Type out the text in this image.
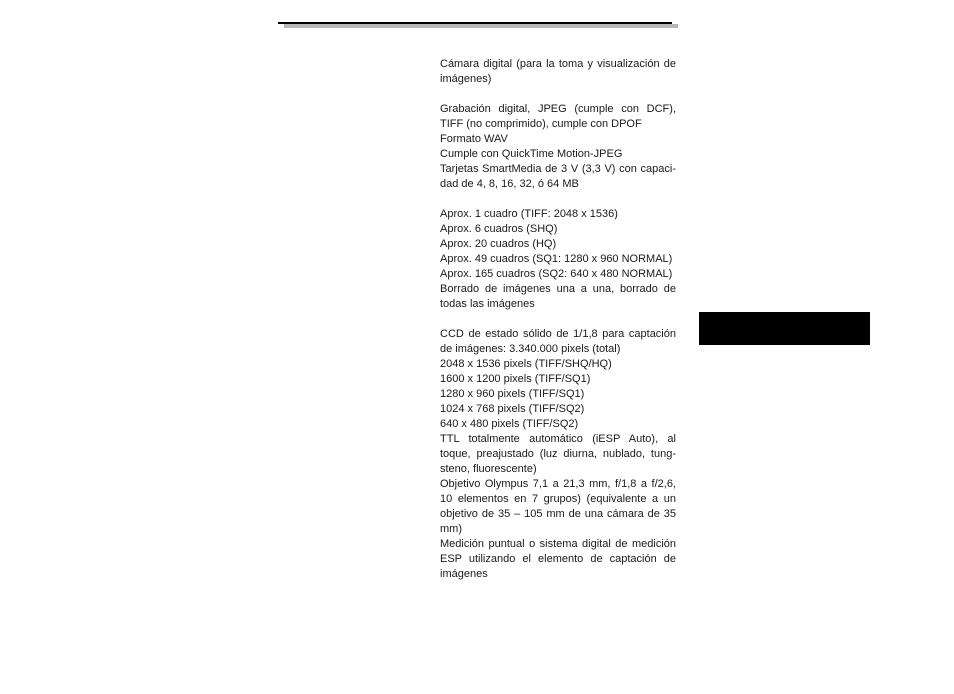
Cámara digital (para la toma y visualización de
imágenes)
Grabación digital, JPEG (cumple con DCF),
TIFF (no comprimido), cumple con DPOF
Formato WAV
Cumple con QuickTime Motion-JPEG
Tarjetas SmartMedia de 3 V (3,3 V) con capaci-
dad de 4, 8, 16, 32, ó 64 MB
Aprox. 1 cuadro (TIFF: 2048 x 1536)
Aprox. 6 cuadros (SHQ)
Aprox. 20 cuadros (HQ)
Aprox. 49 cuadros (SQ1: 1280 x 960 NORMAL)
Aprox. 165 cuadros (SQ2: 640 x 480 NORMAL)
Borrado de imágenes una a una, borrado de
todas las imágenes
CCD de estado sólido de 1/1,8 para captación
de imágenes: 3.340.000 pixels (total)
2048 x 1536 pixels (TIFF/SHQ/HQ)
1600 x 1200 pixels (TIFF/SQ1)
1280 x 960 pixels (TIFF/SQ1)
1024 x 768 pixels (TIFF/SQ2)
640 x 480 pixels (TIFF/SQ2)
TTL totalmente automático (iESP Auto), al
toque, preajustado (luz diurna, nublado, tung-
steno, fluorescente)
Objetivo Olympus 7,1 a 21,3 mm, f/1,8 a f/2,6,
10 elementos en 7 grupos) (equivalente a un
objetivo de 35 – 105 mm de una cámara de 35
mm)
Medición puntual o sistema digital de medición
ESP utilizando el elemento de captación de
imágenes
